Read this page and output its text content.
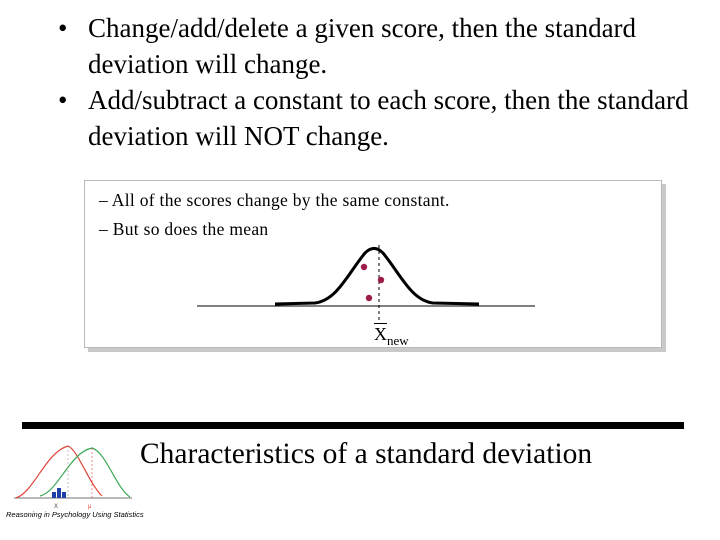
• Change/add/delete a given score, then the standard deviation will change.
• Add/subtract a constant to each score, then the standard deviation will NOT change.
– All of the scores change by the same constant.
– But so does the mean
$X_{new}$
Characteristics of a standard deviation
X	μ
Reasoning in Psychology Using Statistics
